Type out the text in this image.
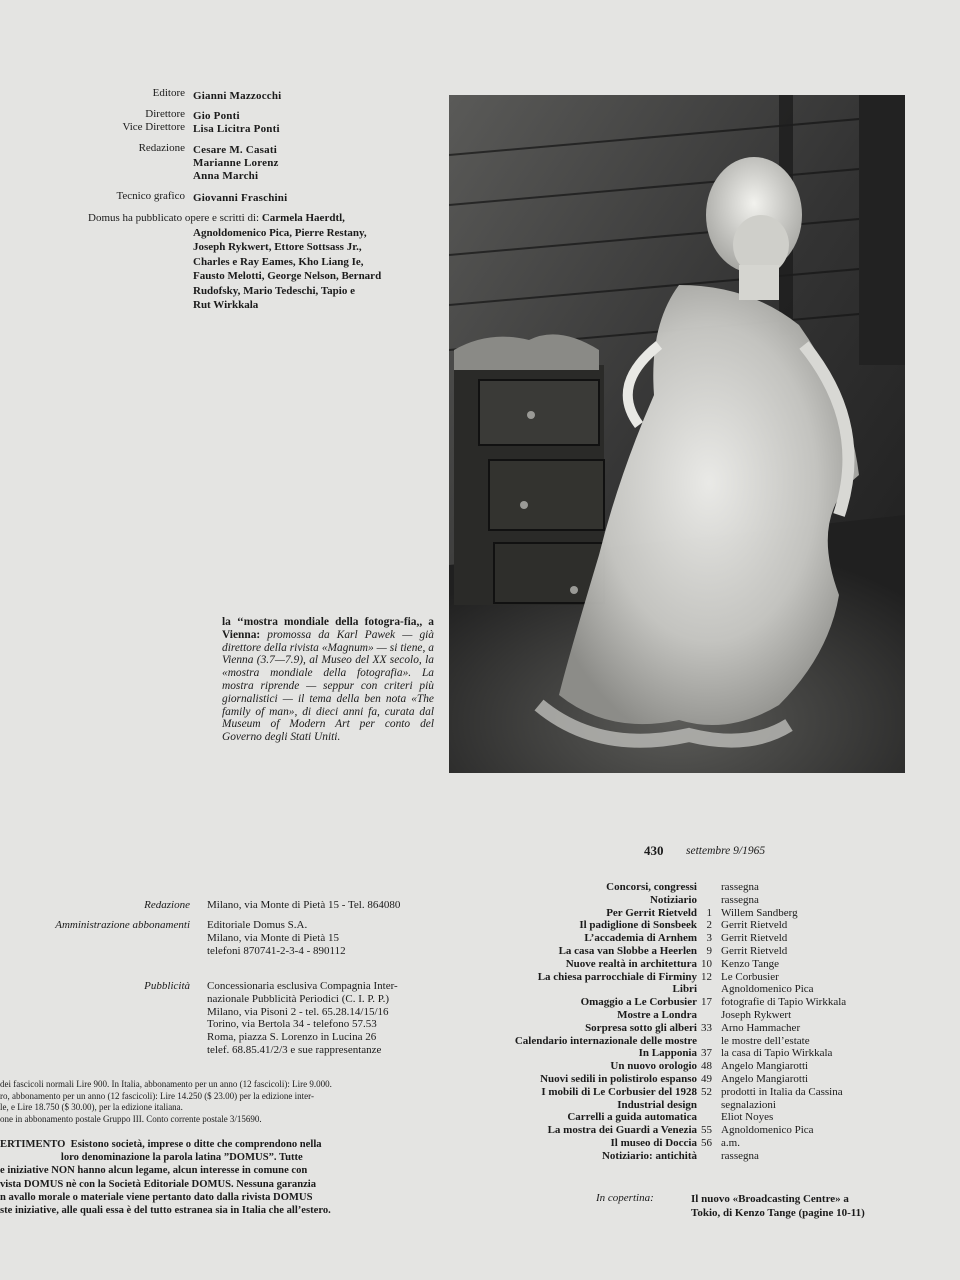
Editore Gianni Mazzocchi
Direttore Gio Ponti
Vice Direttore Lisa Licitra Ponti
Redazione Cesare M. Casati
Marianne Lorenz
Anna Marchi
Tecnico grafico Giovanni Fraschini
Domus ha pubblicato opere e scritti di: Carmela Haerdtl,
Agnoldomenico Pica, Pierre Restany,
Joseph Rykwert, Ettore Sottsass Jr.,
Charles e Ray Eames, Kho Liang Ie,
Fausto Melotti, George Nelson, Bernard
Rudofsky, Mario Tedeschi, Tapio e
Rut Wirkkala
la ‘‘mostra mondiale della fotogra-fia,, a Vienna: promossa da Karl Pawek — già direttore della rivista «Magnum» — si tiene, a Vienna (3.7—7.9), al Museo del XX secolo, la «mostra mondiale della fotografia». La mostra riprende — seppur con criteri più giornalistici — il tema della ben nota «The family of man», di dieci anni fa, curata dal Museum of Modern Art per conto del Governo degli Stati Uniti.
430 settembre 9/1965
Redazione Milano, via Monte di Pietà 15 - Tel. 864080
Amministrazione abbonamenti Editoriale Domus S.A.
Milano, via Monte di Pietà 15
telefoni 870741-2-3-4 - 890112
Pubblicità Concessionaria esclusiva Compagnia Inter-
nazionale Pubblicità Periodici (C. I. P. P.)
Milano, via Pisoni 2 - tel. 65.28.14/15/16
Torino, via Bertola 34 - telefono 57.53
Roma, piazza S. Lorenzo in Lucina 26
telef. 68.85.41/2/3 e sue rappresentanze
dei fascicoli normali Lire 900. In Italia, abbonamento per un anno (12 fascicoli): Lire 9.000.
ro, abbonamento per un anno (12 fascicoli): Lire 14.250 ($ 23.00) per la edizione inter-
le, e Lire 18.750 ($ 30.00), per la edizione italiana.
one in abbonamento postale Gruppo III. Conto corrente postale 3/15690.
ERTIMENTO  Esistono società, imprese o ditte che comprendono nella
loro denominazione la parola latina ”DOMUS”. Tutte
e iniziative NON hanno alcun legame, alcun interesse in comune con
vista DOMUS nè con la Società Editoriale DOMUS. Nessuna garanzia
n avallo morale o materiale viene pertanto dato dalla rivista DOMUS
ste iniziative, alle quali essa è del tutto estranea sia in Italia che all’estero.
Concorsi, congressi rassegna
Notiziario rassegna
Per Gerrit Rietveld 1 Willem Sandberg
Il padiglione di Sonsbeek 2 Gerrit Rietveld
L’accademia di Arnhem 3 Gerrit Rietveld
La casa van Slobbe a Heerlen 9 Gerrit Rietveld
Nuove realtà in architettura 10 Kenzo Tange
La chiesa parrocchiale di Firminy 12 Le Corbusier
Libri Agnoldomenico Pica
Omaggio a Le Corbusier 17 fotografie di Tapio Wirkkala
Mostre a Londra Joseph Rykwert
Sorpresa sotto gli alberi 33 Arno Hammacher
Calendario internazionale delle mostre le mostre dell’estate
In Lapponia 37 la casa di Tapio Wirkkala
Un nuovo orologio 48 Angelo Mangiarotti
Nuovi sedili in polistirolo espanso 49 Angelo Mangiarotti
I mobili di Le Corbusier del 1928 52 prodotti in Italia da Cassina
Industrial design segnalazioni
Carrelli a guida automatica Eliot Noyes
La mostra dei Guardi a Venezia 55 Agnoldomenico Pica
Il museo di Doccia 56 a.m.
Notiziario: antichità rassegna
In copertina:	Il nuovo «Broadcasting Centre» a
Tokio, di Kenzo Tange (pagine 10-11)
